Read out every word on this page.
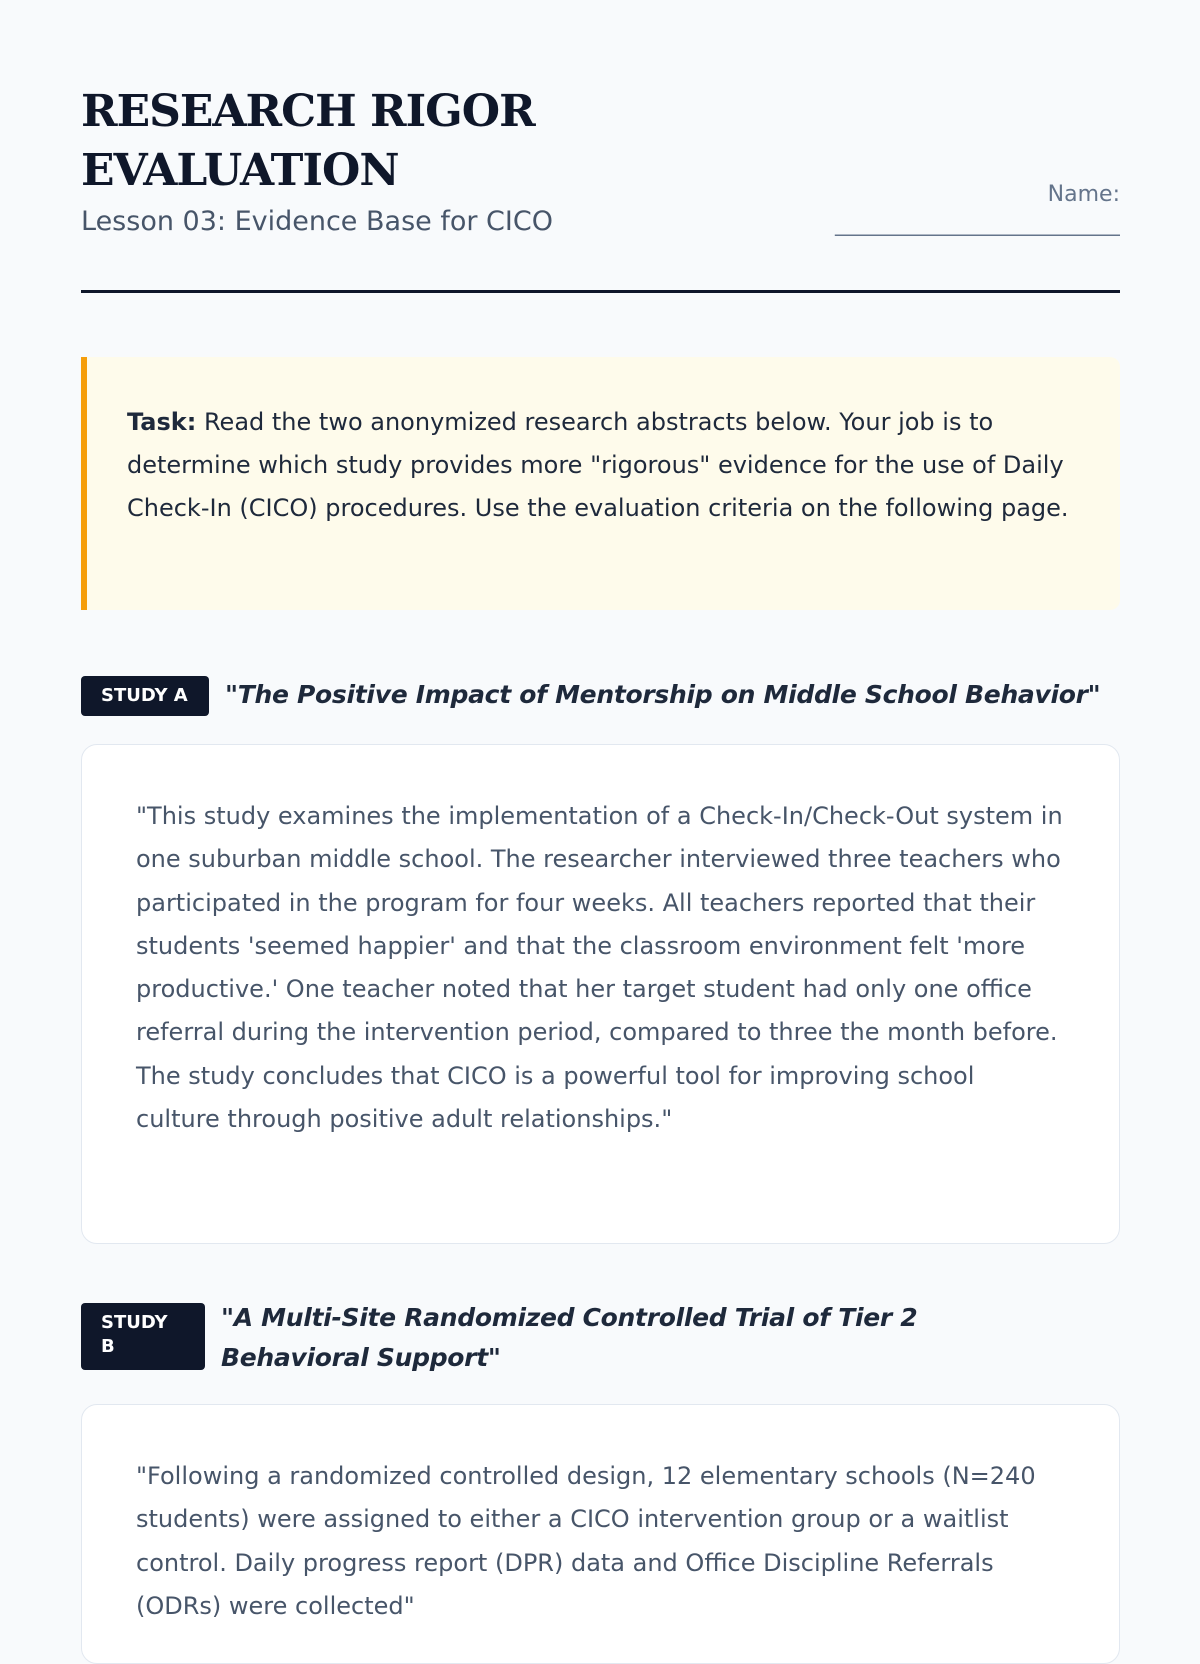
RESEARCH RIGOR EVALUATION
Lesson 03: Evidence Base for CICO
Name:
______________________________
Task: Read the two anonymized research abstracts below. Your job is to determine which study provides more "rigorous" evidence for the use of Daily Check-In (CICO) procedures. Use the evaluation criteria on the following page.
STUDY A	"The Positive Impact of Mentorship on Middle School Behavior"
"This study examines the implementation of a Check-In/Check-Out system in one suburban middle school. The researcher interviewed three teachers who participated in the program for four weeks. All teachers reported that their students 'seemed happier' and that the classroom environment felt 'more productive.' One teacher noted that her target student had only one office referral during the intervention period, compared to three the month before. The study concludes that CICO is a powerful tool for improving school culture through positive adult relationships."
STUDY B
"A Multi-Site Randomized Controlled Trial of Tier 2 Behavioral Support"
"Following a randomized controlled design, 12 elementary schools (N=240 students) were assigned to either a CICO intervention group or a waitlist control. Daily progress report (DPR) data and Office Discipline Referrals (ODRs) were collected"
